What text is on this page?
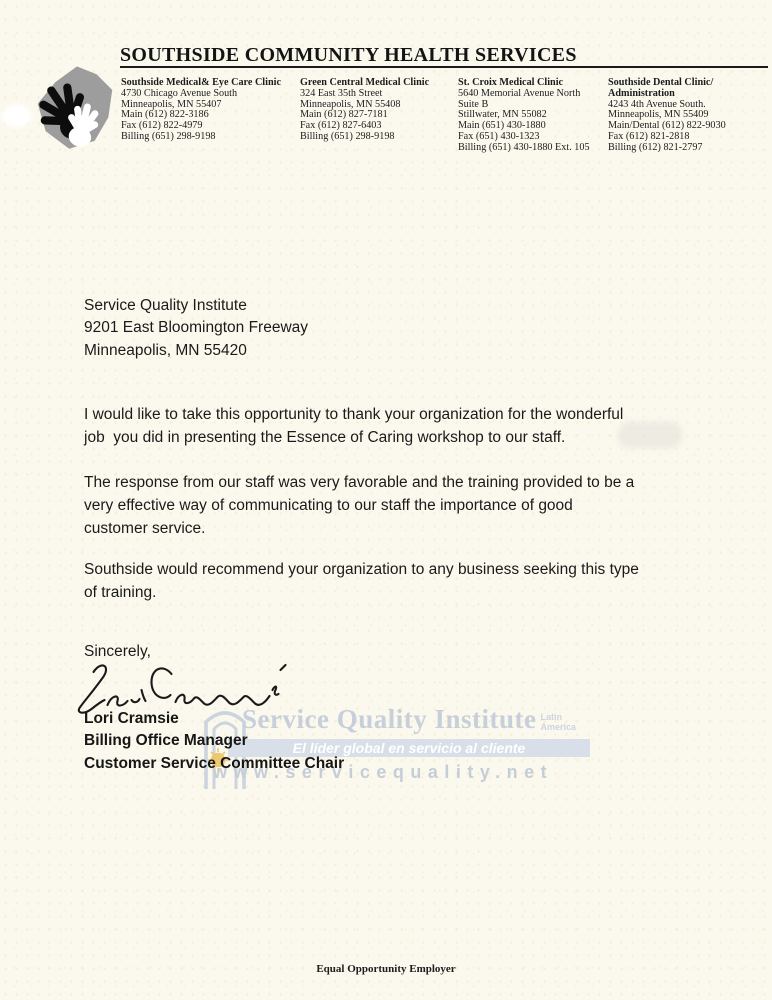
SOUTHSIDE COMMUNITY HEALTH SERVICES
Southside Medical& Eye Care Clinic
4730 Chicago Avenue South
Minneapolis, MN 55407
Main (612) 822-3186
Fax (612) 822-4979
Billing (651) 298-9198
Green Central Medical Clinic
324 East 35th Street
Minneapolis, MN 55408
Main (612) 827-7181
Fax (612) 827-6403
Billing (651) 298-9198
St. Croix Medical Clinic
5640 Memorial Avenue North
Suite B
Stillwater, MN 55082
Main (651) 430-1880
Fax (651) 430-1323
Billing (651) 430-1880 Ext. 105
Southside Dental Clinic/
Administration
4243 4th Avenue South.
Minneapolis, MN 55409
Main/Dental (612) 822-9030
Fax (612) 821-2818
Billing (612) 821-2797
Service Quality Institute Latin
America
El líder global en servicio al cliente
www.servicequality.net
Service Quality Institute
9201 East Bloomington Freeway
Minneapolis, MN 55420
I would like to take this opportunity to thank your organization for the wonderful
job  you did in presenting the Essence of Caring workshop to our staff.
The response from our staff was very favorable and the training provided to be a
very effective way of communicating to our staff the importance of good
customer service.
Southside would recommend your organization to any business seeking this type
of training.
Sincerely,
Lori Cramsie
Billing Office Manager
Customer Service Committee Chair
Equal Opportunity Employer
